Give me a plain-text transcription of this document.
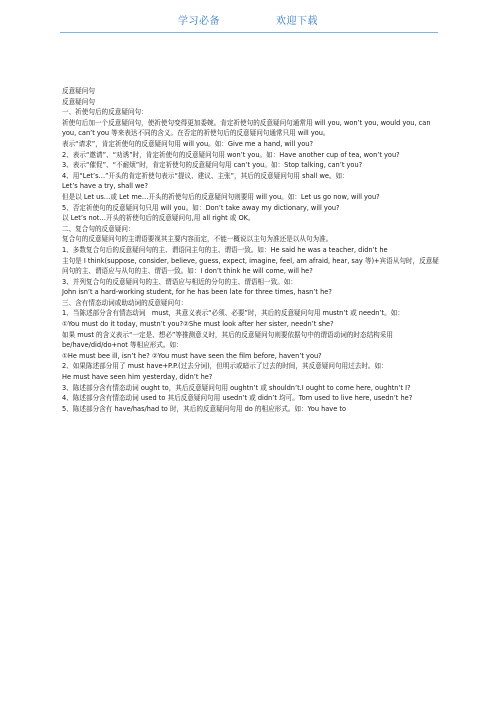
学习必备	欢迎下载

反意疑问句

反意疑问句

一、祈使句后的反意疑问句：

祈使句后加一个反意疑问句，使祈使句变得更加委婉。肯定祈使句的反意疑问句通常用 will you, won’t you, would you, can you, can’t you 等来表达不同的含义。在否定的祈使句后的反意疑问句通常只用 will you。

表示“请求”，肯定祈使句的反意疑问句用 will you。如：Give me a hand, will you?

2、表示“邀请”、“劝诱”时，肯定祈使句的反意疑问句用 won’t you。如：Have another cup of tea, won’t you?

3、表示“催促”、“不耐烦”时，肯定祈使句的反意疑问句用 can’t you。如：Stop talking, can’t you?

4、用“Let’s…”开头的肯定祈使句表示“提议、建议、主张”，其后的反意疑问句用 shall we。如：

Let’s have a try, shall we?

但是以 Let us…或 Let me…开头的祈使句后的反意疑问句则要用 will you。如：Let us go now, will you?

5、否定祈使句的反意疑问句只用 will you。如：Don’t take away my dictionary, will you?

以 Let’s not…开头的祈使句后的反意疑问句,用 all right 或 OK。

二、复合句的反意疑问：

复合句的反意疑问句的主谓语要视其主要内容而定，不能一概说以主句为准还是以从句为准。

1、多数复合句后的反意疑问句的主、谓语同主句的主、谓语一致。如：He said he was a teacher, didn’t he

主句是 I think(suppose, consider, believe, guess, expect, imagine, feel, am afraid, hear, say 等)+宾语从句时，反意疑问句的主、谓语应与从句的主、谓语一致。如：I don’t think he will come, will he?

3、并列复合句的反意疑问句的主、谓语应与相近的分句的主、谓语相一致。如：

John isn’t a hard-working student, for he has been late for three times, hasn’t he?

三、含有情态动词或助动词的反意疑问句：

1、当陈述部分含有情态动词　must，其意义表示“必须、必要”时，其后的反意疑问句用 mustn’t 或 needn’t。如：

①You must do it today, mustn’t you?②She must look after her sister, needn’t she?

如果 must 的含义表示“一定是、想必”等推测意义时，其后的反意疑问句则要依据句中的谓语动词的时态结构采用 be/have/did/do+not 等相应形式。如：

①He must bee ill, isn’t he? ②You must have seen the film before, haven’t you?

2、如果陈述部分用了 must have+P.P.(过去分词)，但明示或暗示了过去的时间，其反意疑问句用过去时。如：

He must have seen him yesterday, didn’t he?

3、陈述部分含有情态动词 ought to，其后反意疑问句用 oughtn’t 或 shouldn’t.I ought to come here, oughtn’t I?

4、陈述部分含有情态动词 used to 其后反意疑问句用 usedn’t 或 didn’t 均可。Tom used to live here, usedn’t he?

5、陈述部分含有 have/has/had to 时，其后的反意疑问句用 do 的相应形式。如：You have to
